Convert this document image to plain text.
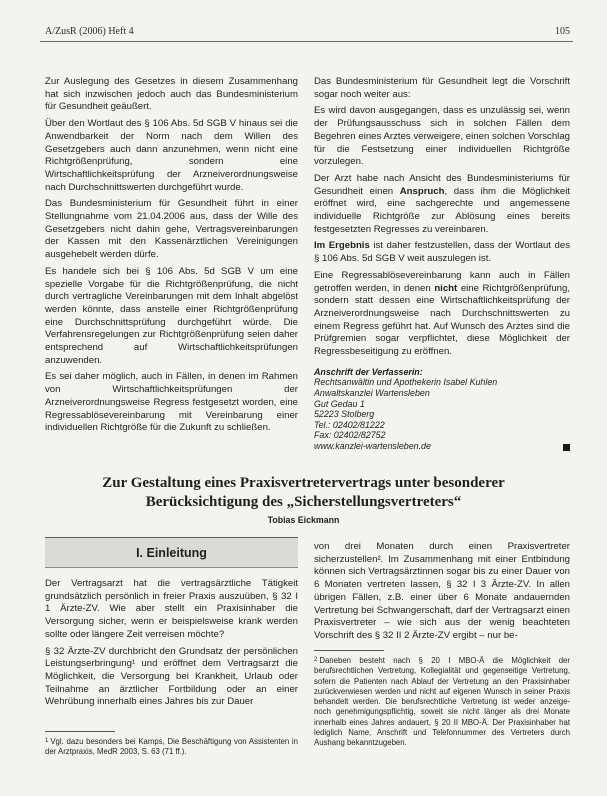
A/ZusR (2006) Heft 4	105

Zur Auslegung des Gesetzes in diesem Zusammenhang hat sich inzwischen jedoch auch das Bundesministerium für Gesundheit geäußert.

Über den Wortlaut des § 106 Abs. 5d SGB V hinaus sei die Anwendbarkeit der Norm nach dem Willen des Gesetzgebers auch dann anzunehmen, wenn nicht eine Richtgrößenprüfung, sondern eine Wirtschaftlichkeitsprüfung der Arzneiverordnungsweise nach Durchschnittswerten durchgeführt wurde.

Das Bundesministerium für Gesundheit führt in einer Stellungnahme vom 21.04.2006 aus, dass der Wille des Gesetzgebers nicht dahin gehe, Vertragsvereinbarungen der Kassen mit den Kassenärztlichen Vereinigungen ausgehebelt werden dürfe.

Es handele sich bei § 106 Abs. 5d SGB V um eine spezielle Vorgabe für die Richtgrößenprüfung, die nicht durch vertragliche Vereinbarungen mit dem Inhalt abgelöst werden könnte, dass anstelle einer Richtgrößenprüfung eine Durchschnittsprüfung durchgeführt würde. Die Verfahrensregelungen zur Richtgrößenprüfung seien daher entsprechend auf Wirtschaftlichkeitsprüfungen anzuwenden.

Es sei daher möglich, auch in Fällen, in denen im Rahmen von Wirtschaftlichkeitsprüfungen der Arzneiverordnungsweise Regress festgesetzt worden, eine Regressablösevereinbarung mit Vereinbarung einer individuellen Richtgröße für die Zukunft zu schließen.

Das Bundesministerium für Gesundheit legt die Vorschrift sogar noch weiter aus:

Es wird davon ausgegangen, dass es unzulässig sei, wenn der Prüfungsausschuss sich in solchen Fällen dem Begehren eines Arztes verweigere, einen solchen Vorschlag für die Festsetzung einer individuellen Richtgröße vorzulegen.

Der Arzt habe nach Ansicht des Bundesministeriums für Gesundheit einen Anspruch, dass ihm die Möglichkeit eröffnet wird, eine sachgerechte und angemessene individuelle Richtgröße zur Ablösung eines bereits festgesetzten Regresses zu vereinbaren.

Im Ergebnis ist daher festzustellen, dass der Wortlaut des § 106 Abs. 5d SGB V weit auszulegen ist.

Eine Regressablösevereinbarung kann auch in Fällen getroffen werden, in denen nicht eine Richtgrößenprüfung, sondern statt dessen eine Wirtschaftlichkeitsprüfung der Arzneiverordnungsweise nach Durchschnittswerten zu einem Regress geführt hat. Auf Wunsch des Arztes sind die Prüfgremien sogar verpflichtet, diese Möglichkeit der Regressbeseitigung zu eröffnen.

Anschrift der Verfasserin:
Rechtsanwältin und Apothekerin Isabel Kuhlen
Anwaltskanzlei Wartensleben
Gut Gedau 1
52223 Stolberg
Tel.: 02402/81222
Fax: 02402/82752
www.kanzlei-wartensleben.de
Zur Gestaltung eines Praxisvertretervertrags unter besonderer
Berücksichtigung des „Sicherstellungsvertreters“
Tobias Eickmann
I. Einleitung

Der Vertragsarzt hat die vertragsärztliche Tätigkeit grundsätzlich persönlich in freier Praxis auszuüben, § 32 I 1 Ärzte-ZV. Wie aber stellt ein Praxisinhaber die Versorgung sicher, wenn er beispielsweise krank werden sollte oder längere Zeit verreisen möchte?

§ 32 Ärzte-ZV durchbricht den Grundsatz der persönlichen Leistungserbringung¹ und eröffnet dem Vertragsarzt die Möglichkeit, die Versorgung bei Krankheit, Urlaub oder Teilnahme an ärztlicher Fortbildung oder an einer Wehrübung innerhalb eines Jahres bis zur Dauer

von drei Monaten durch einen Praxisvertreter sicherzustellen². Im Zusammenhang mit einer Entbindung können sich Vertragsärztinnen sogar bis zu einer Dauer von 6 Monaten vertreten lassen, § 32 I 3 Ärzte-ZV. In allen übrigen Fällen, z.B. einer über 6 Monate andauernden Vertretung bei Schwangerschaft, darf der Vertragsarzt einen Praxisvertreter – wie sich aus der wenig beachteten Vorschrift des § 32 II 2 Ärzte-ZV ergibt – nur be-

$^1$ Vgl. dazu besonders bei Kamps, Die Beschäftigung von Assistenten in der Arztpraxis, MedR 2003, S. 63 (71 ff.).
$^2$ Daneben besteht nach § 20 I MBO-Ä die Möglichkeit der berufsrechtlichen Vertretung, Kollegialität und gegenseitige Vertretung, sofern die Patienten nach Ablauf der Vertretung an den Praxisinhaber zurückverwiesen werden und nicht auf eigenen Wunsch in seiner Praxis behandelt werden. Die berufsrechtliche Vertretung ist weder anzeige- noch genehmigungspflichtig, soweit sie nicht länger als drei Monate innerhalb eines Jahres andauert, § 20 II MBO-Ä. Der Praxisinhaber hat lediglich Name, Anschrift und Telefonnummer des Vertreters durch Aushang bekanntzugeben.
